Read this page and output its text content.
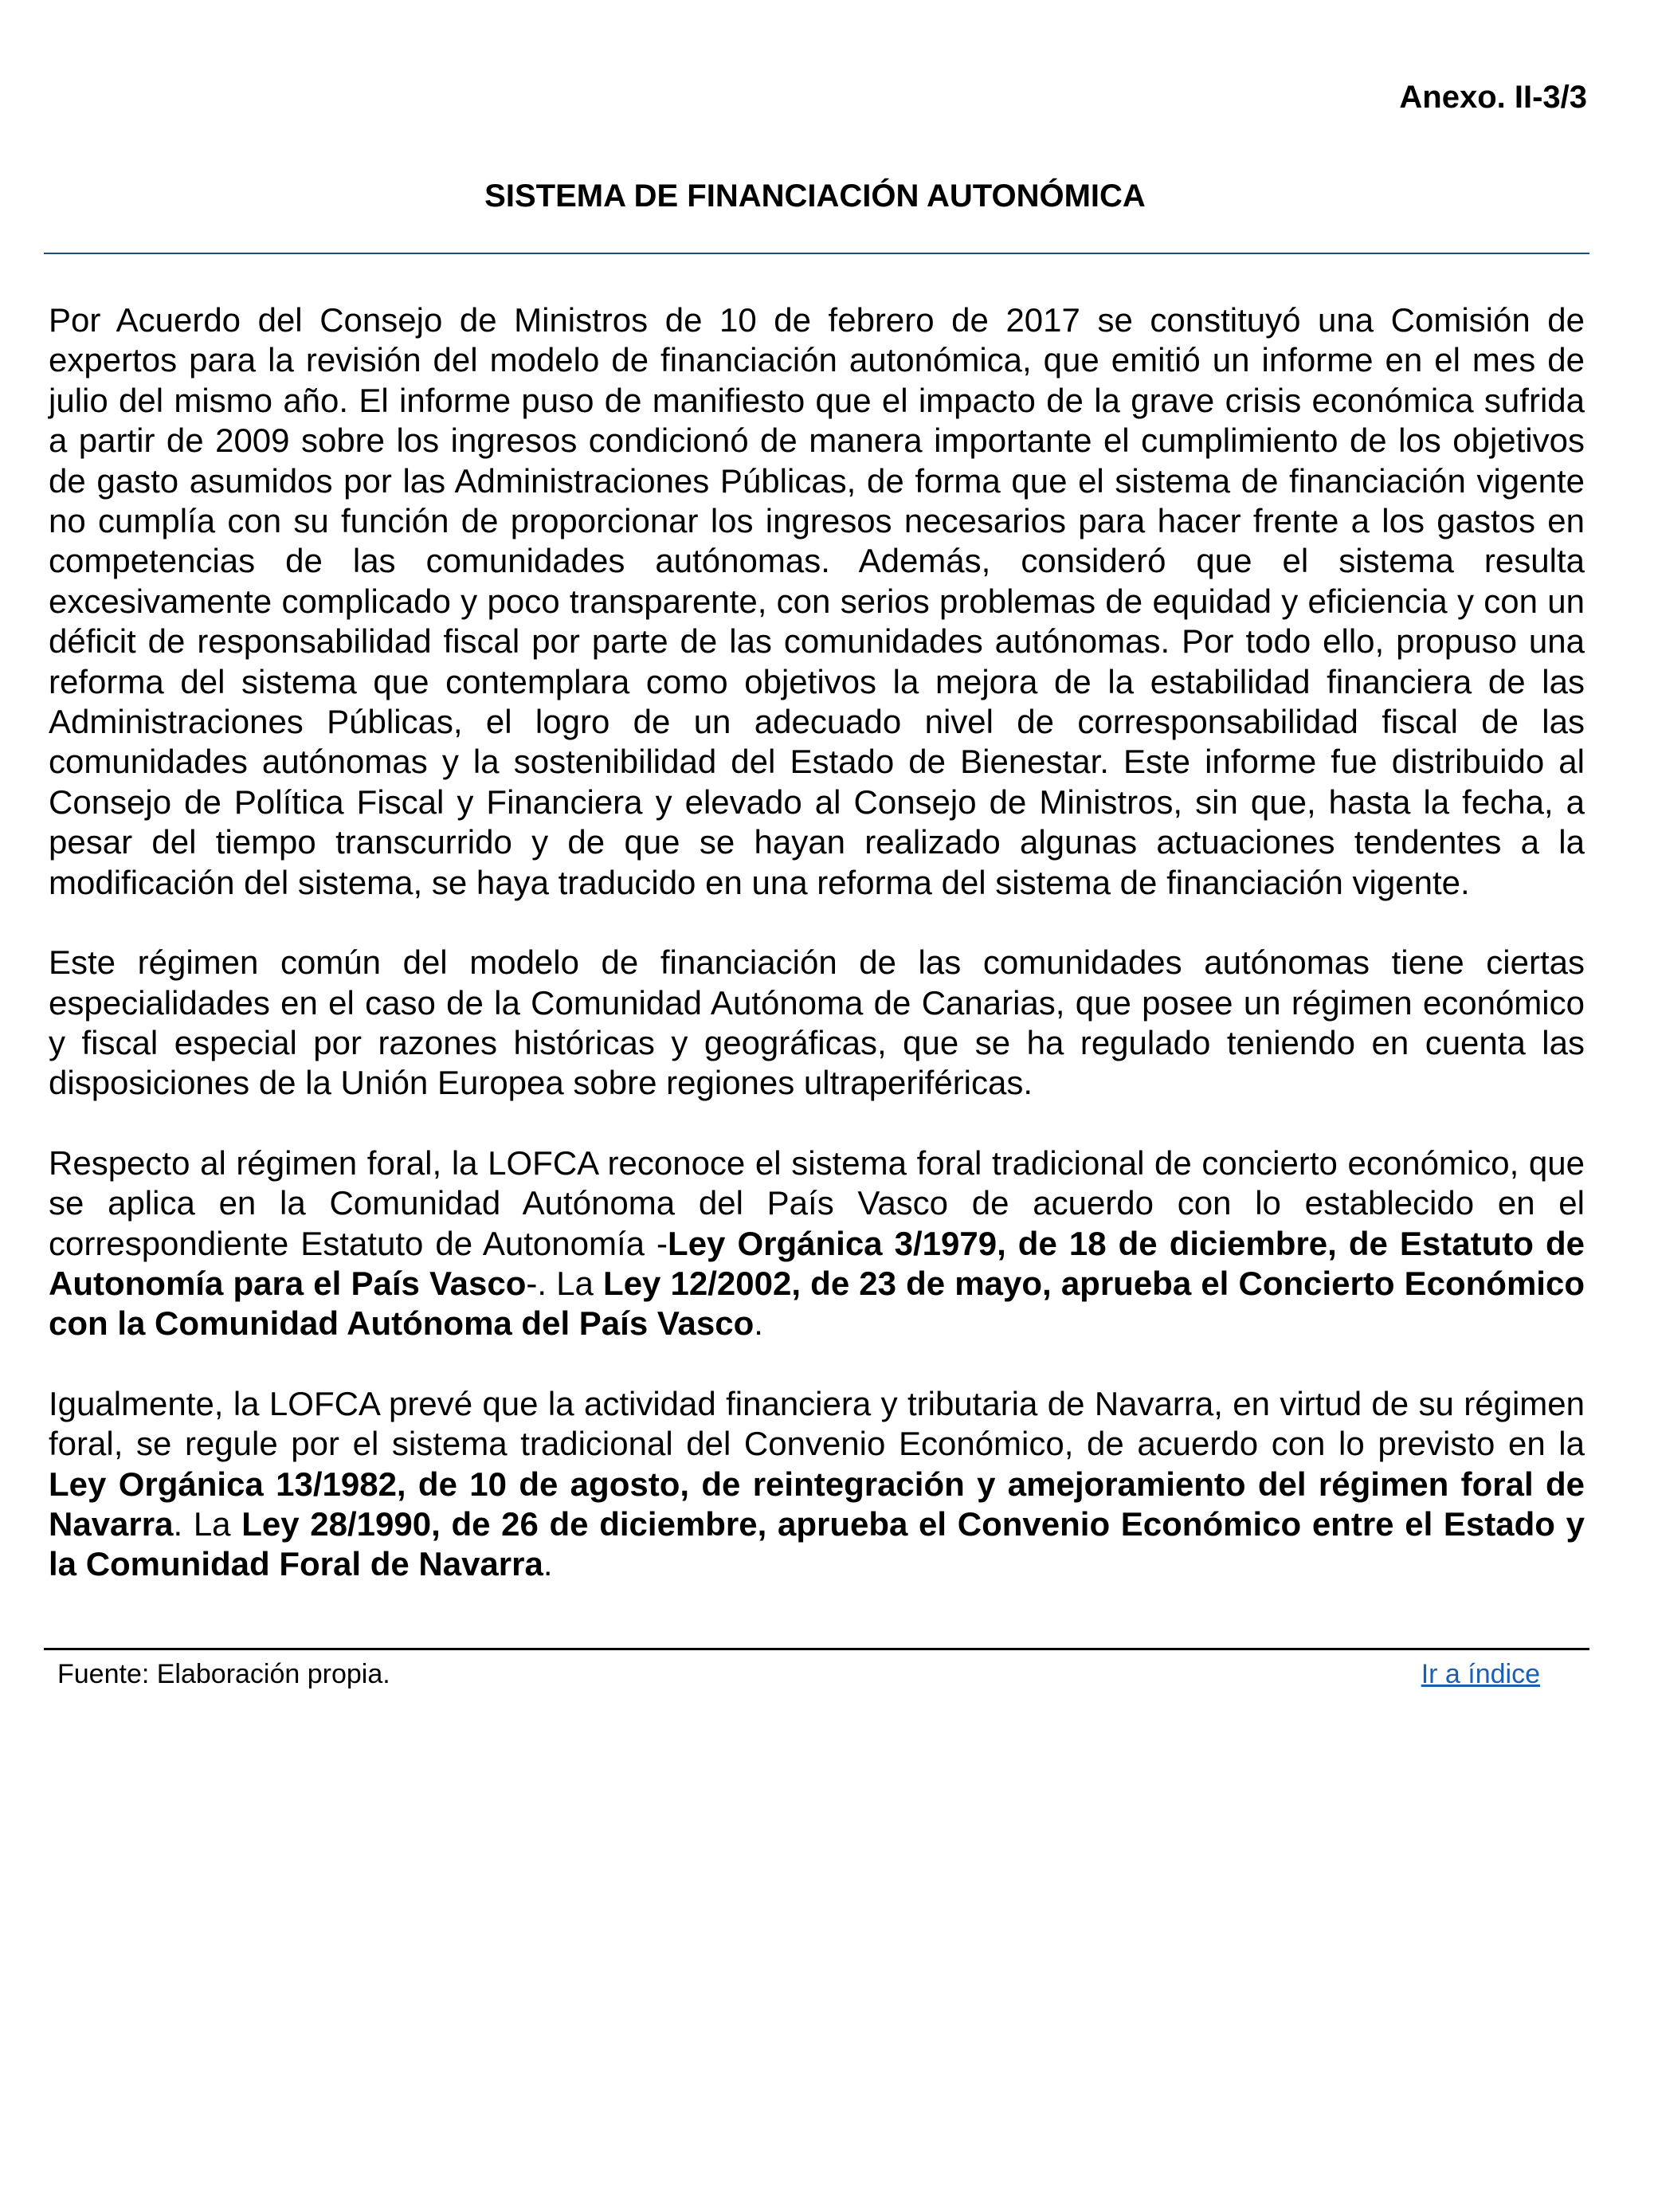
Anexo. II-3/3
SISTEMA DE FINANCIACIÓN AUTONÓMICA

Por Acuerdo del Consejo de Ministros de 10 de febrero de 2017 se constituyó una Comisión de expertos para la revisión del modelo de financiación autonómica, que emitió un informe en el mes de julio del mismo año. El informe puso de manifiesto que el impacto de la grave crisis económica sufrida a partir de 2009 sobre los ingresos condicionó de manera importante el cumplimiento de los objetivos de gasto asumidos por las Administraciones Públicas, de forma que el sistema de financiación vigente no cumplía con su función de proporcionar los ingresos necesarios para hacer frente a los gastos en competencias de las comunidades autónomas. Además, consideró que el sistema resulta excesivamente complicado y poco transparente, con serios problemas de equidad y eficiencia y con un déficit de responsabilidad fiscal por parte de las comunidades autónomas. Por todo ello, propuso una reforma del sistema que contemplara como objetivos la mejora de la estabilidad financiera de las Administraciones Públicas, el logro de un adecuado nivel de corresponsabilidad fiscal de las comunidades autónomas y la sostenibilidad del Estado de Bienestar. Este informe fue distribuido al Consejo de Política Fiscal y Financiera y elevado al Consejo de Ministros, sin que, hasta la fecha, a pesar del tiempo transcurrido y de que se hayan realizado algunas actuaciones tendentes a la modificación del sistema, se haya traducido en una reforma del sistema de financiación vigente.

Este régimen común del modelo de financiación de las comunidades autónomas tiene ciertas especialidades en el caso de la Comunidad Autónoma de Canarias, que posee un régimen económico y fiscal especial por razones históricas y geográficas, que se ha regulado teniendo en cuenta las disposiciones de la Unión Europea sobre regiones ultraperiféricas.

Respecto al régimen foral, la LOFCA reconoce el sistema foral tradicional de concierto económico, que se aplica en la Comunidad Autónoma del País Vasco de acuerdo con lo establecido en el correspondiente Estatuto de Autonomía -Ley Orgánica 3/1979, de 18 de diciembre, de Estatuto de Autonomía para el País Vasco-. La Ley 12/2002, de 23 de mayo, aprueba el Concierto Económico con la Comunidad Autónoma del País Vasco.

Igualmente, la LOFCA prevé que la actividad financiera y tributaria de Navarra, en virtud de su régimen foral, se regule por el sistema tradicional del Convenio Económico, de acuerdo con lo previsto en la Ley Orgánica 13/1982, de 10 de agosto, de reintegración y amejoramiento del régimen foral de Navarra. La Ley 28/1990, de 26 de diciembre, aprueba el Convenio Económico entre el Estado y la Comunidad Foral de Navarra.

Fuente: Elaboración propia.	Ir a índice
